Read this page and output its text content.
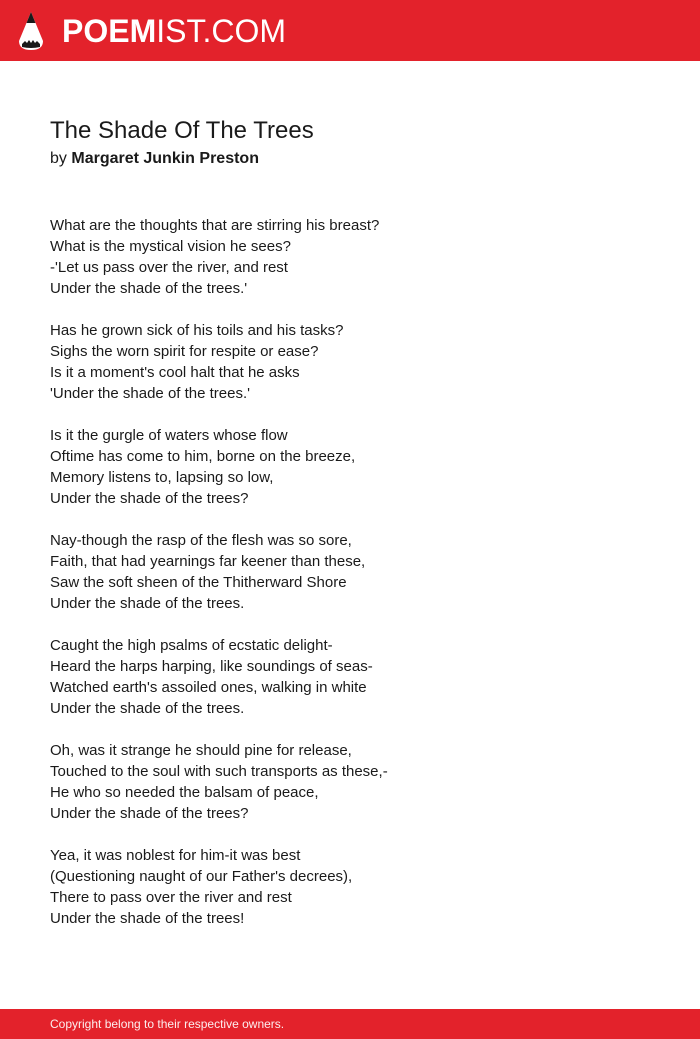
POEMIST.COM
The Shade Of The Trees
by Margaret Junkin Preston
What are the thoughts that are stirring his breast?
What is the mystical vision he sees?
-'Let us pass over the river, and rest
Under the shade of the trees.'
Has he grown sick of his toils and his tasks?
Sighs the worn spirit for respite or ease?
Is it a moment's cool halt that he asks
'Under the shade of the trees.'
Is it the gurgle of waters whose flow
Oftime has come to him, borne on the breeze,
Memory listens to, lapsing so low,
Under the shade of the trees?
Nay-though the rasp of the flesh was so sore,
Faith, that had yearnings far keener than these,
Saw the soft sheen of the Thitherward Shore
Under the shade of the trees.
Caught the high psalms of ecstatic delight-
Heard the harps harping, like soundings of seas-
Watched earth's assoiled ones, walking in white
Under the shade of the trees.
Oh, was it strange he should pine for release,
Touched to the soul with such transports as these,-
He who so needed the balsam of peace,
Under the shade of the trees?
Yea, it was noblest for him-it was best
(Questioning naught of our Father's decrees),
There to pass over the river and rest
Under the shade of the trees!
Copyright belong to their respective owners.
